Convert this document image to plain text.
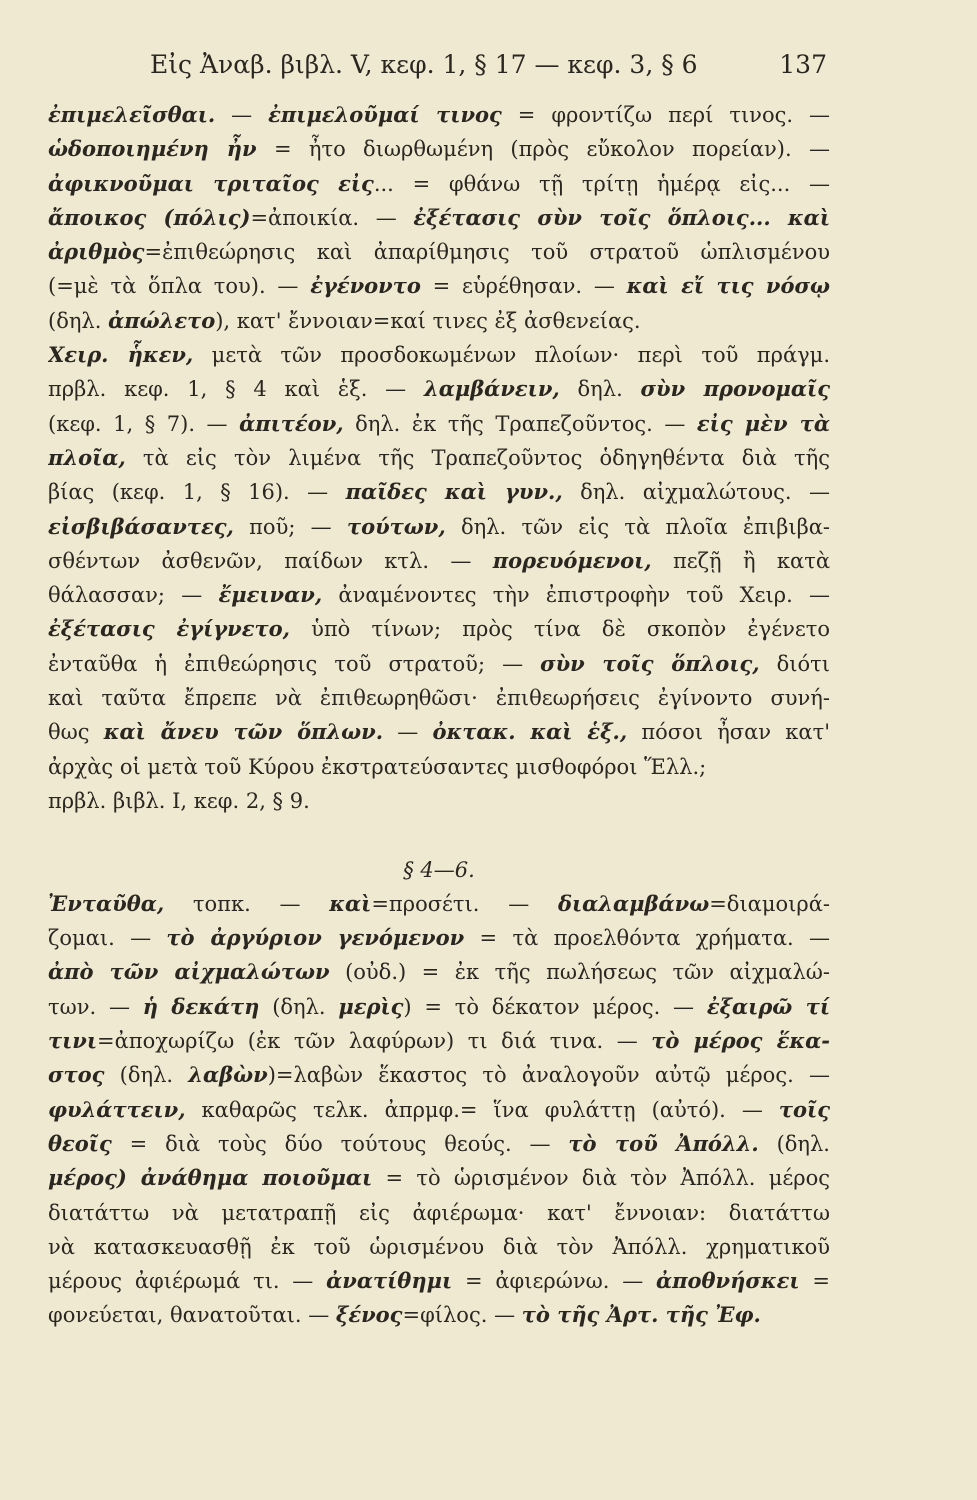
Εἰς Ἀναβ. βιβλ. V, κεφ. 1, § 17 — κεφ. 3, § 6	137
ἐπιμελεῖσθαι. — ἐπιμελοῦμαί τινος = φροντίζω περί τινος. —
ὡδοποιημένη ἦν = ἦτο διωρθωμένη (πρὸς εὔκολον πορείαν). —
ἀφικνοῦμαι τριταῖος εἰς... = φθάνω τῇ τρίτῃ ἡμέρᾳ εἰς... —
ἄποικος (πόλις)=ἀποικία. — ἐξέτασις σὺν τοῖς ὅπλοις... καὶ
ἀριθμὸς=ἐπιθεώρησις καὶ ἀπαρίθμησις τοῦ στρατοῦ ὡπλισμένου
(=μὲ τὰ ὅπλα του). — ἐγένοντο = εὑρέθησαν. — καὶ εἴ τις νόσῳ
(δηλ. ἀπώλετο), κατ' ἔννοιαν=καί τινες ἐξ ἀσθενείας.
Χειρ. ἧκεν, μετὰ τῶν προσδοκωμένων πλοίων· περὶ τοῦ πράγμ.
πρβλ. κεφ. 1, § 4 καὶ ἑξ. — λαμβάνειν, δηλ. σὺν προνομαῖς
(κεφ. 1, § 7). — ἀπιτέον, δηλ. ἐκ τῆς Τραπεζοῦντος. — εἰς μὲν τὰ
πλοῖα, τὰ εἰς τὸν λιμένα τῆς Τραπεζοῦντος ὁδηγηθέντα διὰ τῆς
βίας (κεφ. 1, § 16). — παῖδες καὶ γυν., δηλ. αἰχμαλώτους. —
εἰσβιβάσαντες, ποῦ; — τούτων, δηλ. τῶν εἰς τὰ πλοῖα ἐπιβιβα-
σθέντων ἀσθενῶν, παίδων κτλ. — πορευόμενοι, πεζῇ ἢ κατὰ
θάλασσαν; — ἔμειναν, ἀναμένοντες τὴν ἐπιστροφὴν τοῦ Χειρ. —
ἐξέτασις ἐγίγνετο, ὑπὸ τίνων; πρὸς τίνα δὲ σκοπὸν ἐγένετο
ἐνταῦθα ἡ ἐπιθεώρησις τοῦ στρατοῦ; — σὺν τοῖς ὅπλοις, διότι
καὶ ταῦτα ἔπρεπε νὰ ἐπιθεωρηθῶσι· ἐπιθεωρήσεις ἐγίνοντο συνή-
θως καὶ ἄνευ τῶν ὅπλων. — ὀκτακ. καὶ ἑξ., πόσοι ἦσαν κατ'
ἀρχὰς οἱ μετὰ τοῦ Κύρου ἐκστρατεύσαντες μισθοφόροι Ἕλλ.;
πρβλ. βιβλ. I, κεφ. 2, § 9.
§ 4—6.
Ἐνταῦθα, τοπκ. — καὶ=προσέτι. — διαλαμβάνω=διαμοιρά-
ζομαι. — τὸ ἀργύριον γενόμενον = τὰ προελθόντα χρήματα. —
ἀπὸ τῶν αἰχμαλώτων (οὐδ.) = ἐκ τῆς πωλήσεως τῶν αἰχμαλώ-
των. — ἡ δεκάτη (δηλ. μερὶς) = τὸ δέκατον μέρος. — ἐξαιρῶ τί
τινι=ἀποχωρίζω (ἐκ τῶν λαφύρων) τι διά τινα. — τὸ μέρος ἕκα-
στος (δηλ. λαβὼν)=λαβὼν ἕκαστος τὸ ἀναλογοῦν αὐτῷ μέρος. —
φυλάττειν, καθαρῶς τελκ. ἀπρμφ.= ἵνα φυλάττῃ (αὐτό). — τοῖς
θεοῖς = διὰ τοὺς δύο τούτους θεούς. — τὸ τοῦ Ἀπόλλ. (δηλ.
μέρος) ἀνάθημα ποιοῦμαι = τὸ ὡρισμένον διὰ τὸν Ἀπόλλ. μέρος
διατάττω νὰ μετατραπῇ εἰς ἀφιέρωμα· κατ' ἔννοιαν: διατάττω
νὰ κατασκευασθῇ ἐκ τοῦ ὡρισμένου διὰ τὸν Ἀπόλλ. χρηματικοῦ
μέρους ἀφιέρωμά τι. — ἀνατίθημι = ἀφιερώνω. — ἀποθνήσκει =
φονεύεται, θανατοῦται. — ξένος=φίλος. — τὸ τῆς Ἀρτ. τῆς Ἐφ.
